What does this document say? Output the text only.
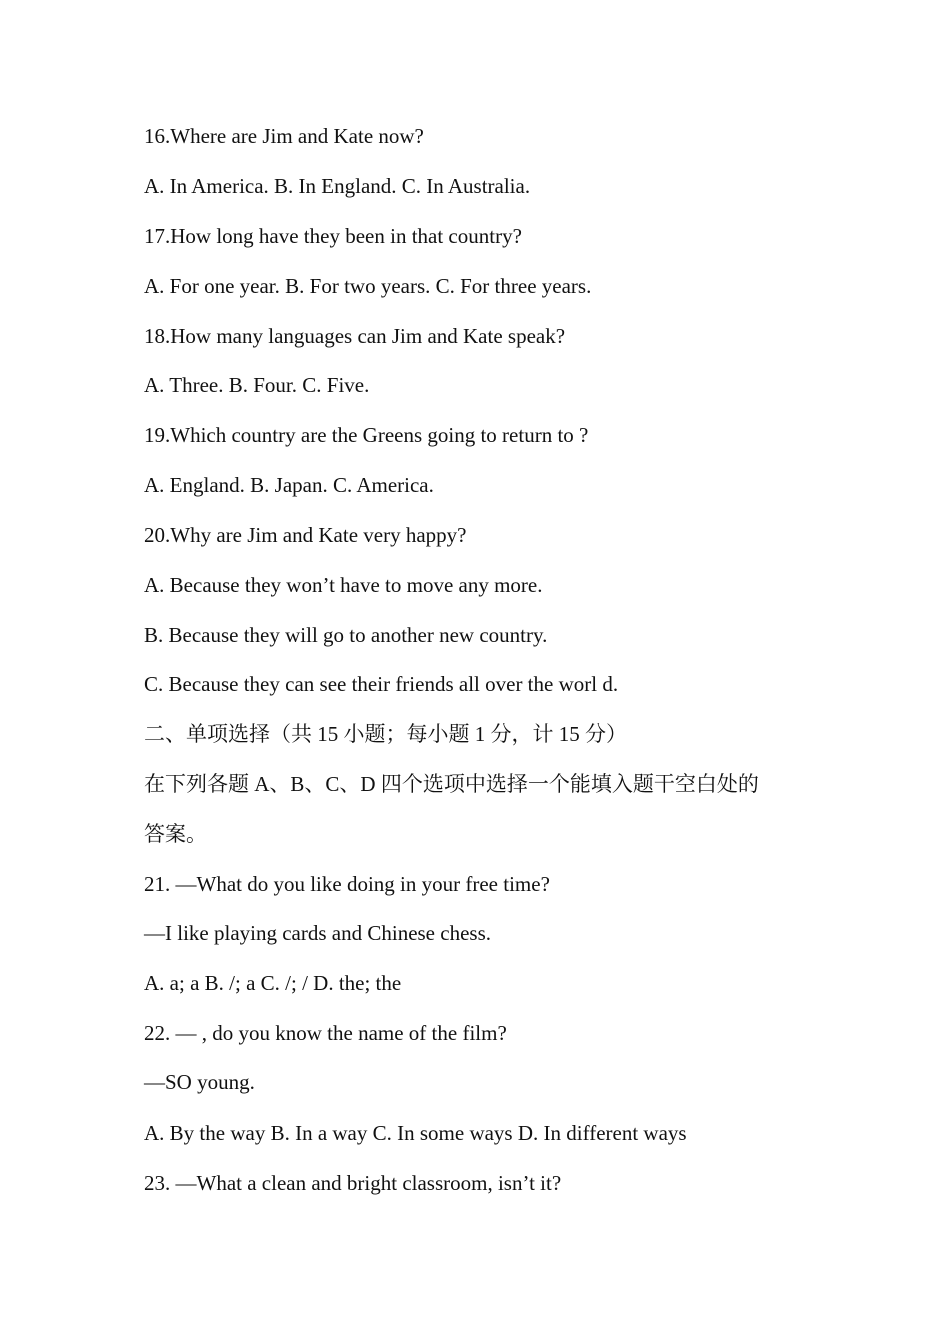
16.Where are Jim and Kate now?
A. In America. B. In England. C. In Australia.
17.How long have they been in that country?
A. For one year. B. For two years. C. For three years.
18.How many languages can Jim and Kate speak?
A. Three. B. Four. C. Five.
19.Which country are the Greens going to return to ?
A. England. B. Japan. C. America.
20.Why are Jim and Kate very happy?
A. Because they won’t have to move any more.
B. Because they will go to another new country.
C. Because they can see their friends all over the worl d.
二、单项选择（共 15 小题；每小题 1 分，计 15 分）
在下列各题 A、B、C、D 四个选项中选择一个能填入题干空白处的
答案。
21. —What do you like doing in your free time?
—I like playing cards and Chinese chess.
A. a; a B. /; a C. /; / D. the; the
22. — , do you know the name of the film?
—SO young.
A. By the way B. In a way C. In some ways D. In different ways
23. —What a clean and bright classroom, isn’t it?
